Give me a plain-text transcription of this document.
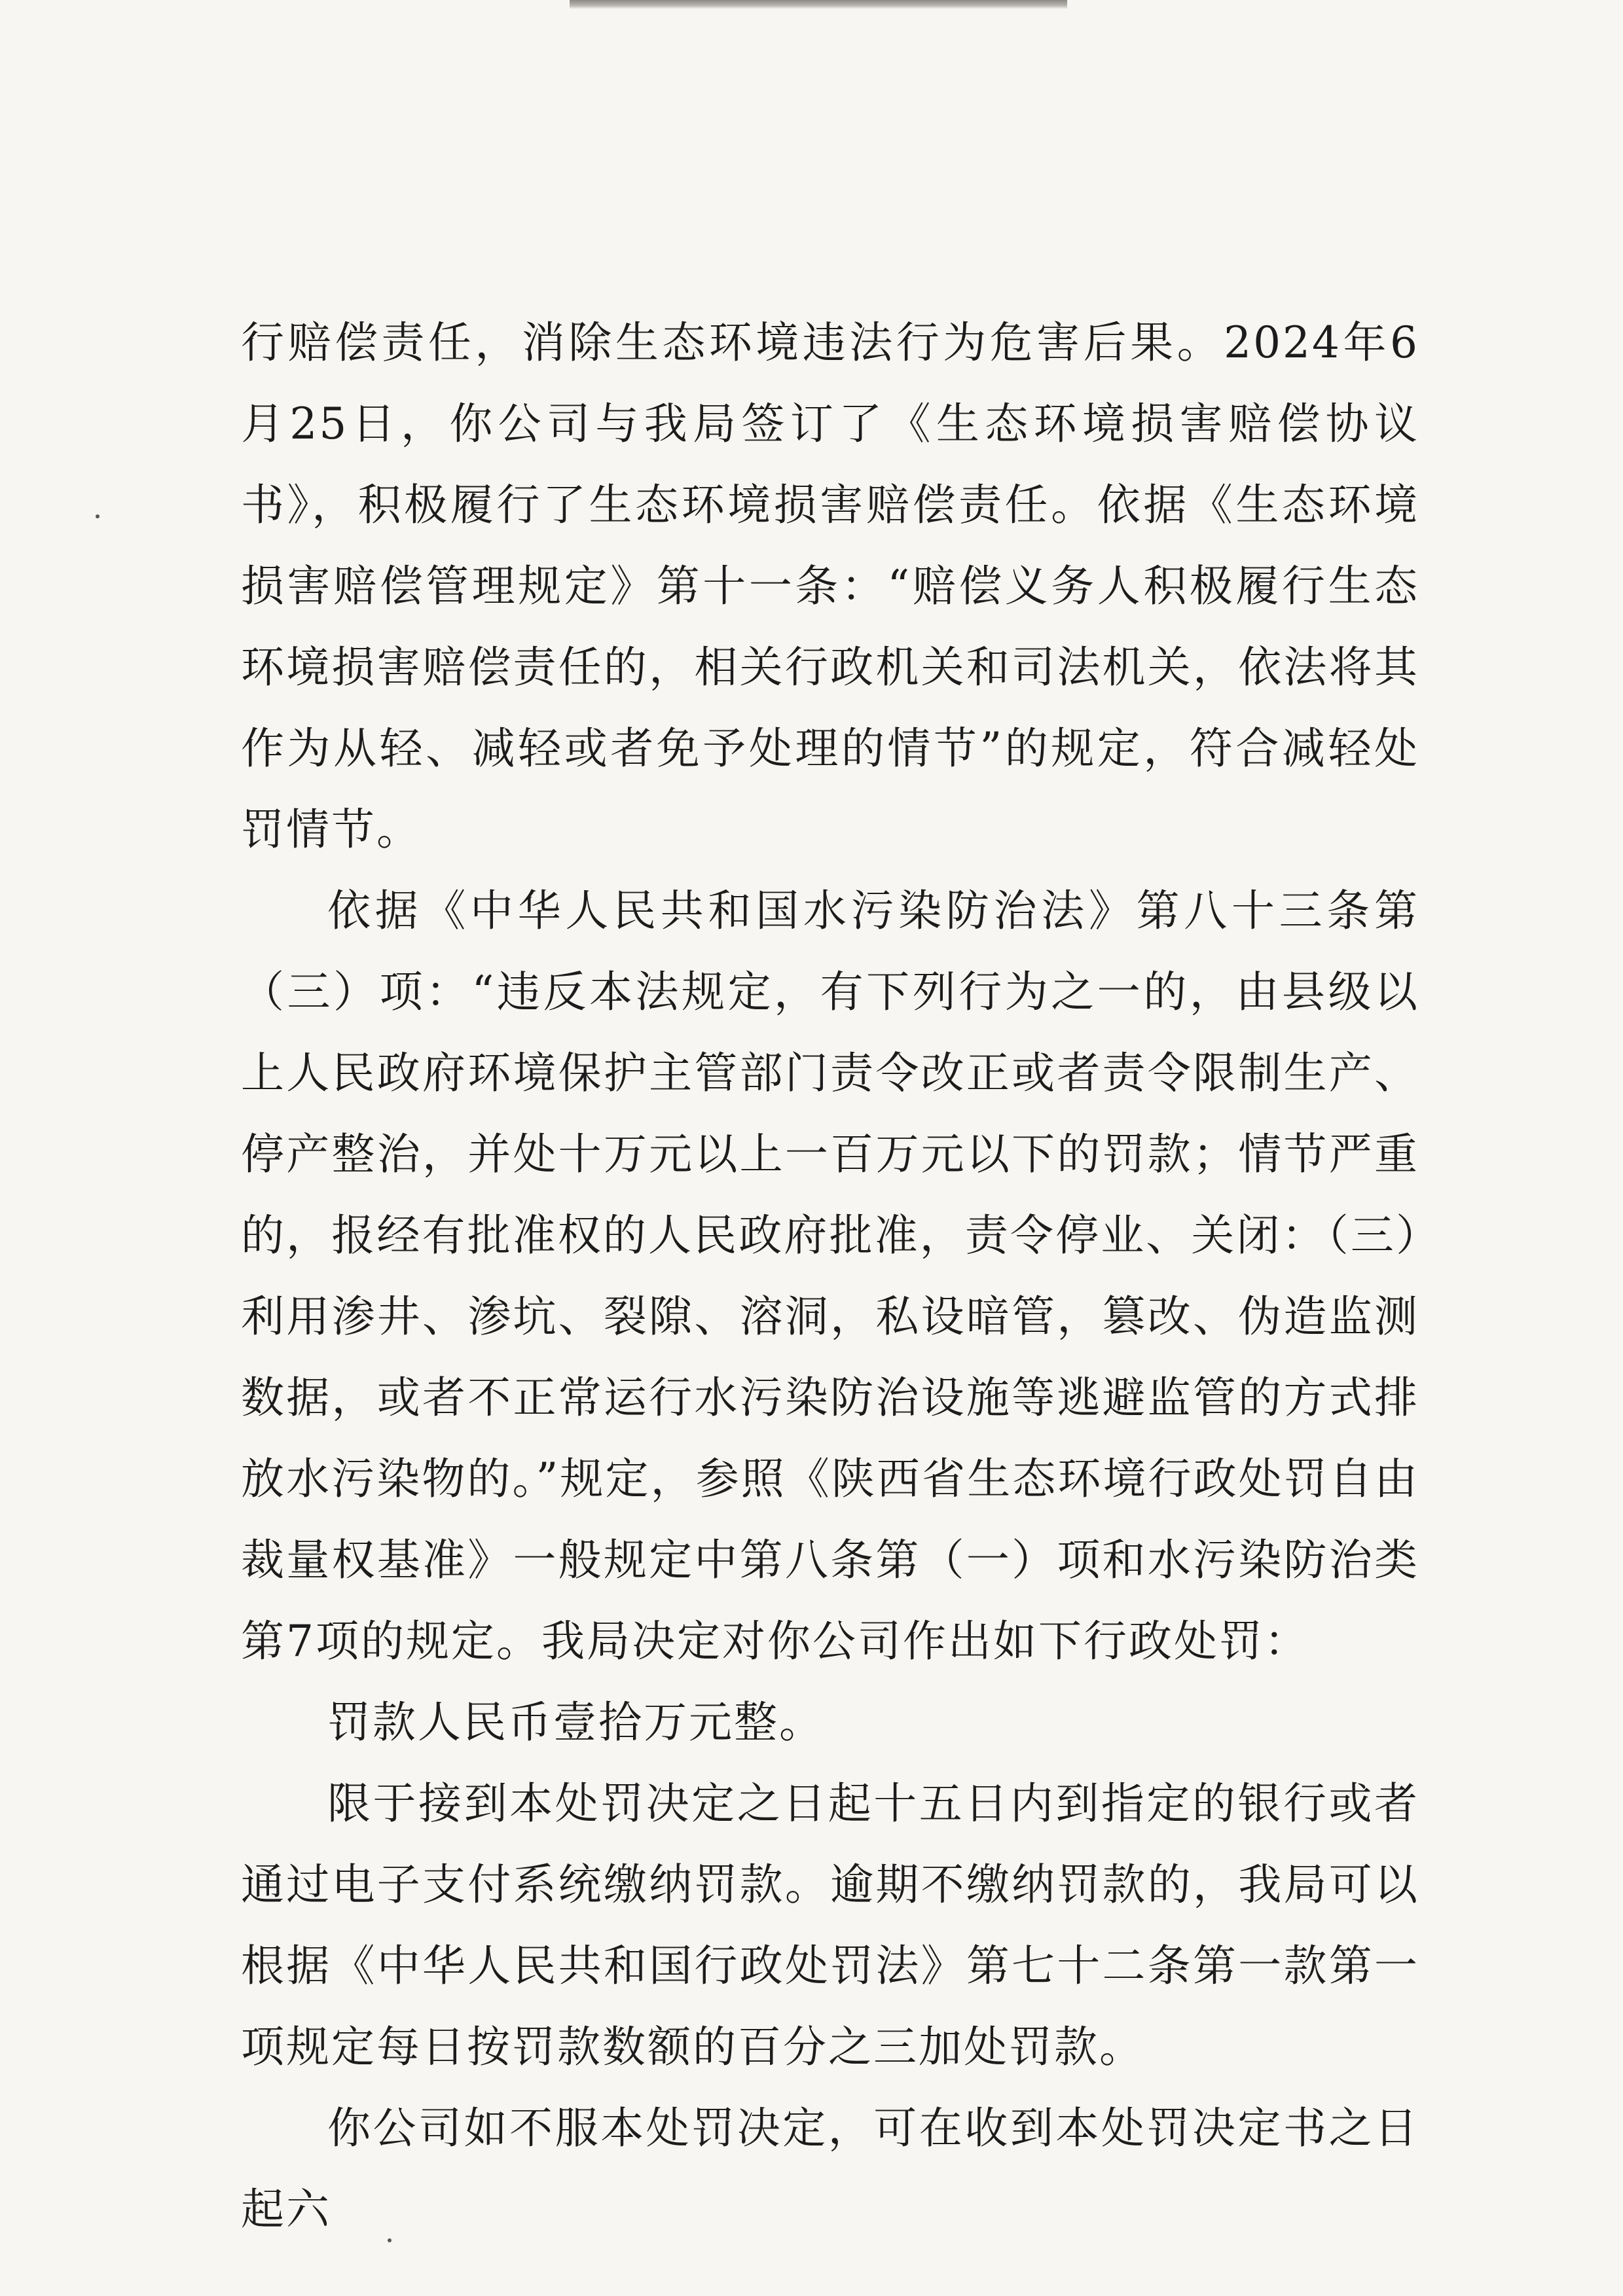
行赔偿责任，消除生态环境违法行为危害后果。2024年6月25日，你公司与我局签订了《生态环境损害赔偿协议书》，积极履行了生态环境损害赔偿责任。依据《生态环境损害赔偿管理规定》第十一条：“赔偿义务人积极履行生态环境损害赔偿责任的，相关行政机关和司法机关，依法将其作为从轻、减轻或者免予处理的情节”的规定，符合减轻处罚情节。

依据《中华人民共和国水污染防治法》第八十三条第（三）项：“违反本法规定，有下列行为之一的，由县级以上人民政府环境保护主管部门责令改正或者责令限制生产、停产整治，并处十万元以上一百万元以下的罚款；情节严重的，报经有批准权的人民政府批准，责令停业、关闭：（三）利用渗井、渗坑、裂隙、溶洞，私设暗管，篡改、伪造监测数据，或者不正常运行水污染防治设施等逃避监管的方式排放水污染物的。”规定，参照《陕西省生态环境行政处罚自由裁量权基准》一般规定中第八条第（一）项和水污染防治类第7项的规定。我局决定对你公司作出如下行政处罚：

罚款人民币壹拾万元整。

限于接到本处罚决定之日起十五日内到指定的银行或者通过电子支付系统缴纳罚款。逾期不缴纳罚款的，我局可以根据《中华人民共和国行政处罚法》第七十二条第一款第一项规定每日按罚款数额的百分之三加处罚款。

你公司如不服本处罚决定，可在收到本处罚决定书之日起六
